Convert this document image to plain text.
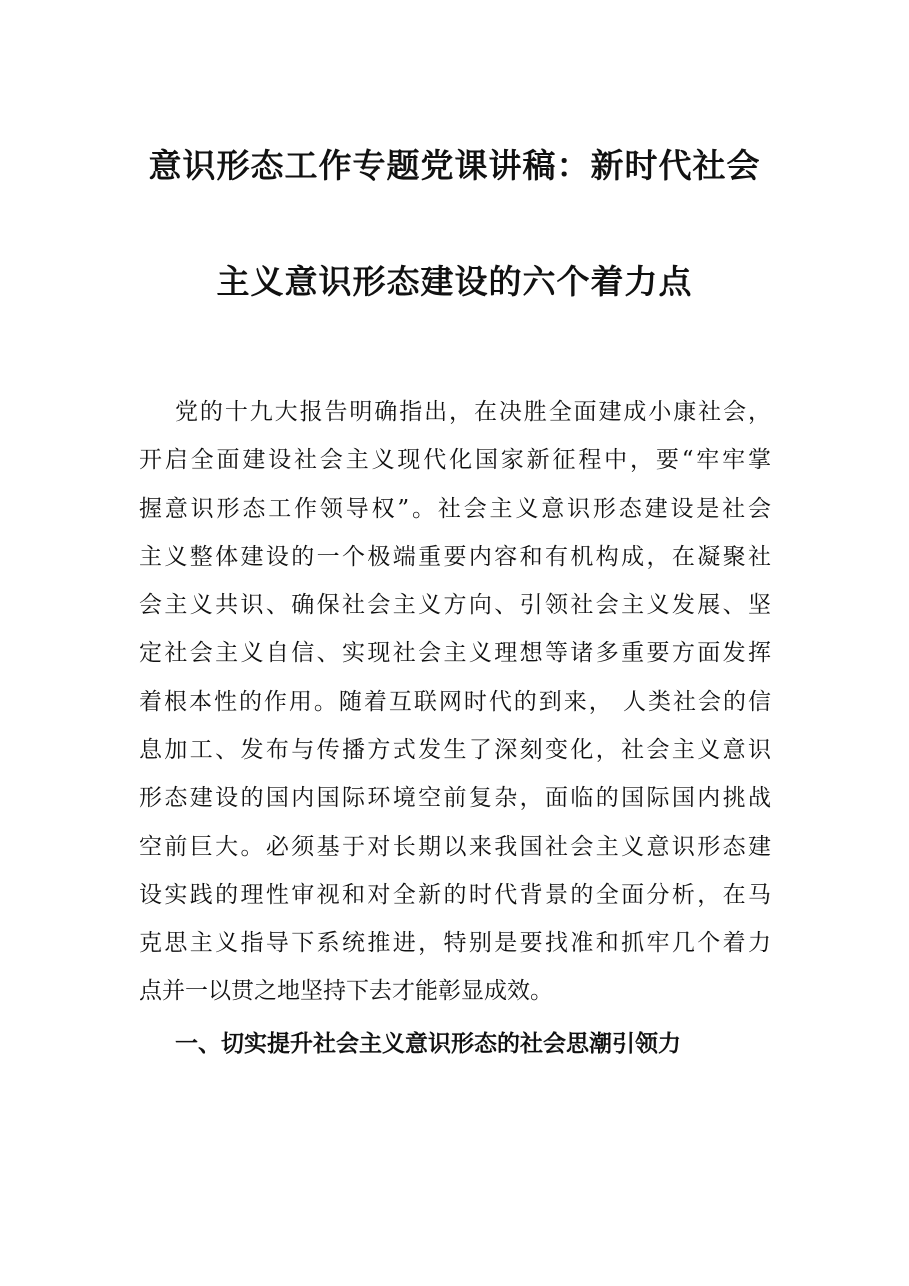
意识形态工作专题党课讲稿：新时代社会
主义意识形态建设的六个着力点
党的十九大报告明确指出，在决胜全面建成小康社会，
开启全面建设社会主义现代化国家新征程中，要“牢牢掌
握意识形态工作领导权”。社会主义意识形态建设是社会
主义整体建设的一个极端重要内容和有机构成，在凝聚社
会主义共识、确保社会主义方向、引领社会主义发展、坚
定社会主义自信、实现社会主义理想等诸多重要方面发挥
着根本性的作用。随着互联网时代的到来， 人类社会的信
息加工、发布与传播方式发生了深刻变化，社会主义意识
形态建设的国内国际环境空前复杂，面临的国际国内挑战
空前巨大。必须基于对长期以来我国社会主义意识形态建
设实践的理性审视和对全新的时代背景的全面分析，在马
克思主义指导下系统推进，特别是要找准和抓牢几个着力
点并一以贯之地坚持下去才能彰显成效。
一、切实提升社会主义意识形态的社会思潮引领力
